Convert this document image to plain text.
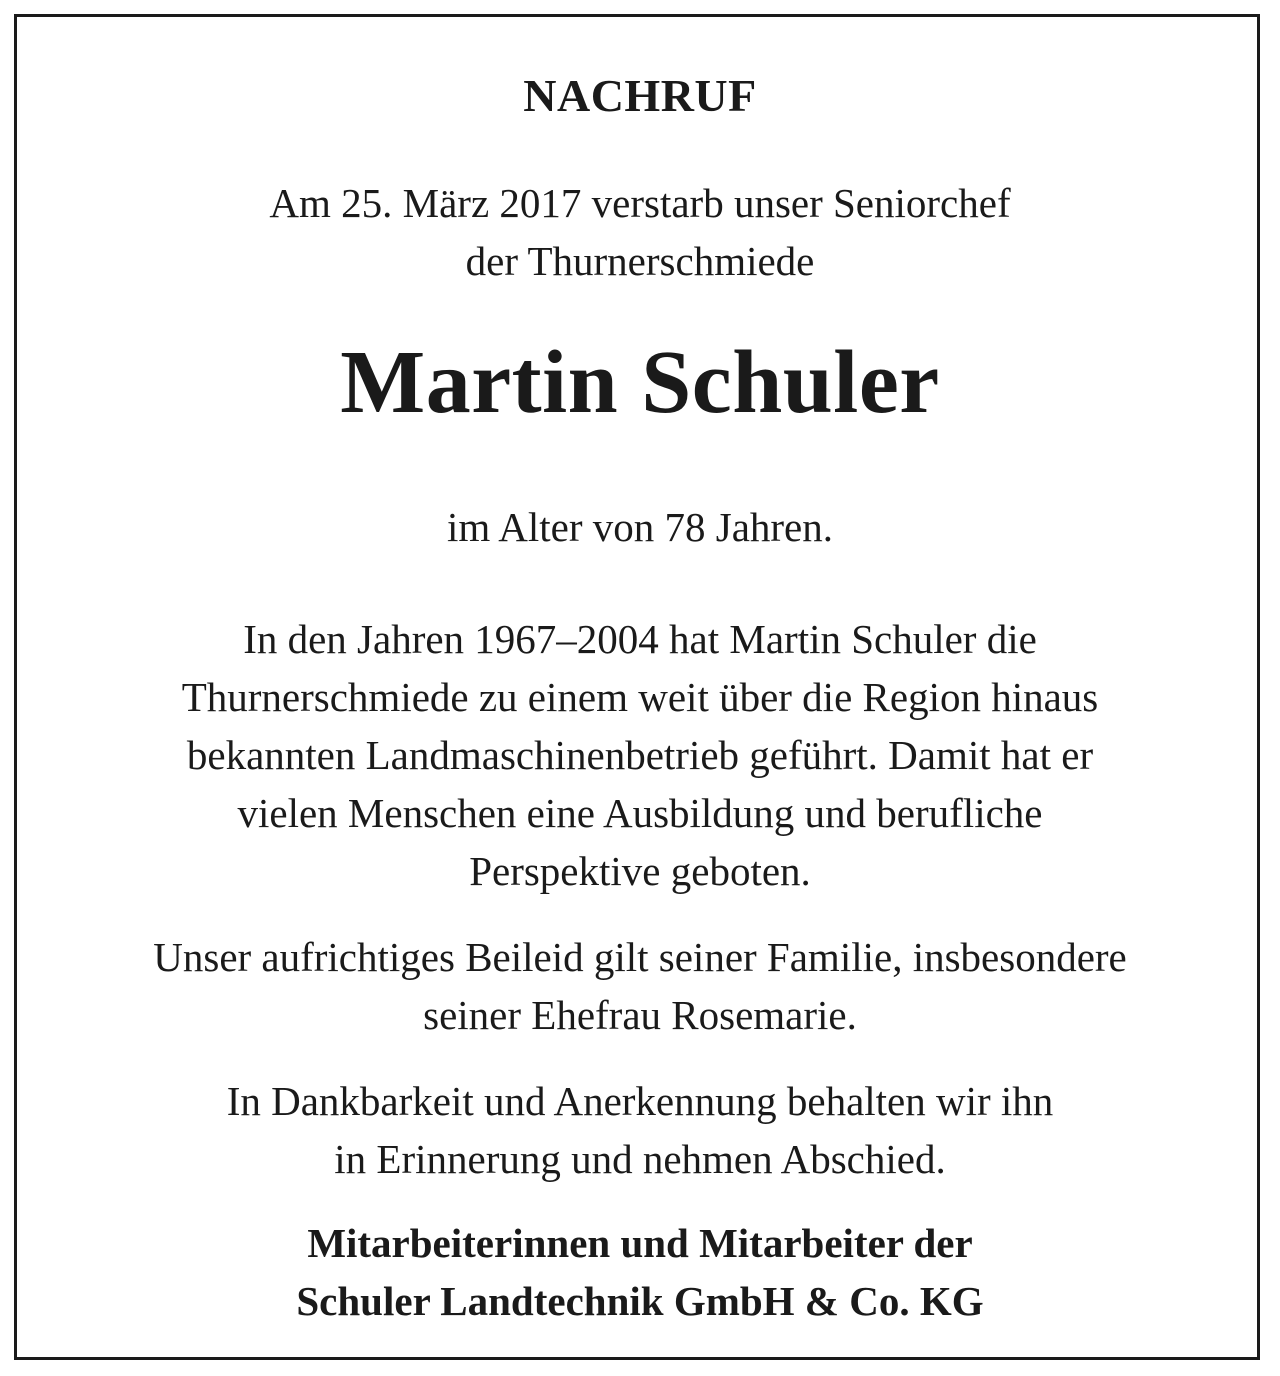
NACHRUF
Am 25. März 2017 verstarb unser Seniorchef
der Thurnerschmiede
Martin Schuler
im Alter von 78 Jahren.
In den Jahren 1967–2004 hat Martin Schuler die
Thurnerschmiede zu einem weit über die Region hinaus
bekannten Landmaschinenbetrieb geführt. Damit hat er
vielen Menschen eine Ausbildung und berufliche
Perspektive geboten.
Unser aufrichtiges Beileid gilt seiner Familie, insbesondere
seiner Ehefrau Rosemarie.
In Dankbarkeit und Anerkennung behalten wir ihn
in Erinnerung und nehmen Abschied.
Mitarbeiterinnen und Mitarbeiter der
Schuler Landtechnik GmbH & Co. KG
